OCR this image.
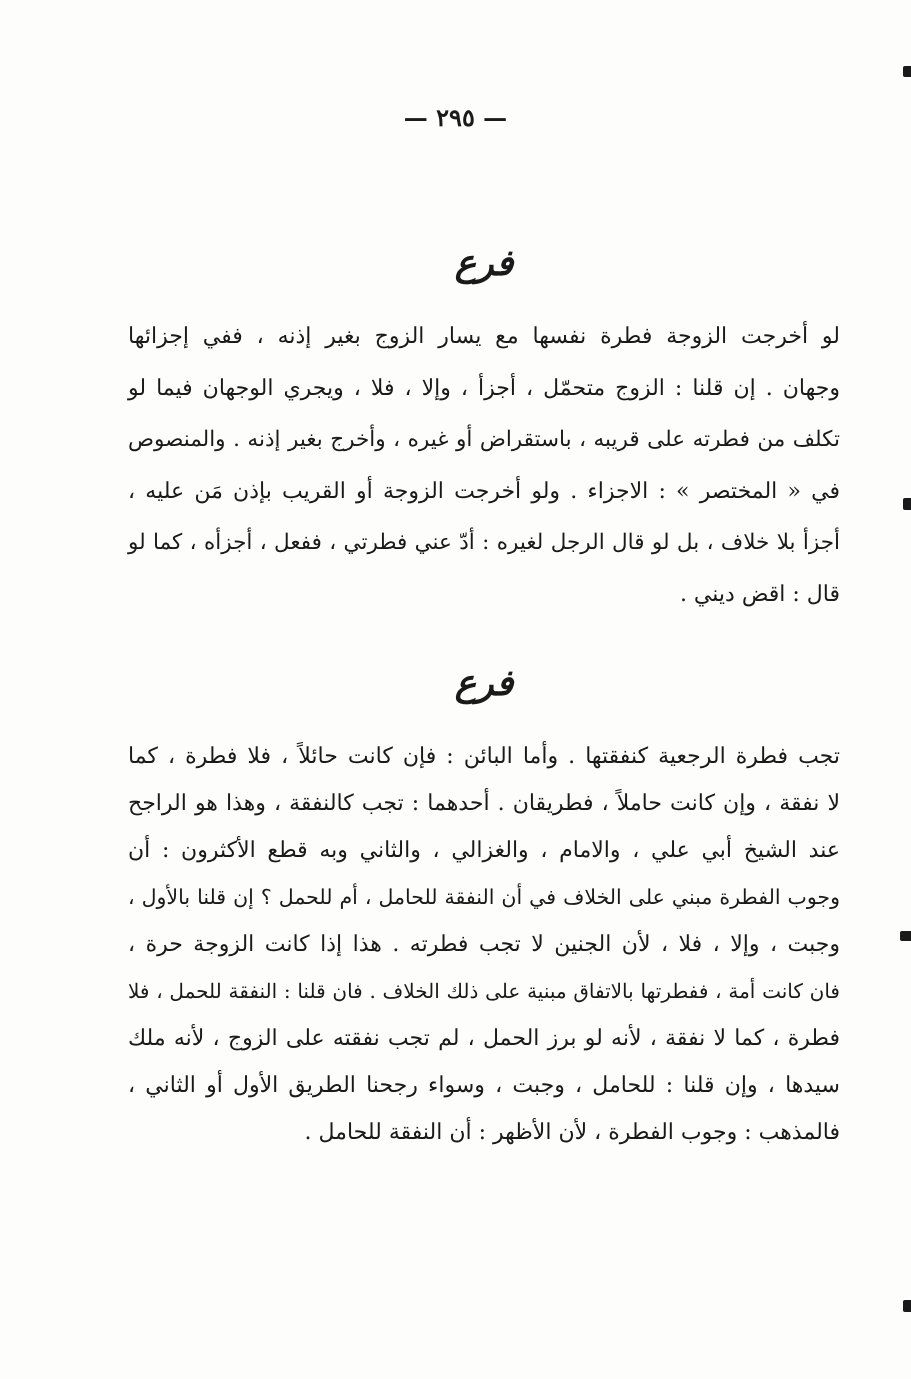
— ٢٩٥ —
فرع
لو أخرجت الزوجة فطرة نفسها مع يسار الزوج بغير إذنه ، ففي إجزائها
وجهان . إن قلنا : الزوج متحمّل ، أجزأ ، وإلا ، فلا ، ويجري الوجهان فيما لو
تكلف من فطرته على قريبه ، باستقراض أو غيره ، وأخرج بغير إذنه . والمنصوص
في « المختصر » : الاجزاء . ولو أخرجت الزوجة أو القريب بإذن مَن عليه ،
أجزأ بلا خلاف ، بل لو قال الرجل لغيره : أدّ عني فطرتي ، ففعل ، أجزأه ، كما لو
قال : اقض ديني .
فرع
تجب فطرة الرجعية كنفقتها . وأما البائن : فإن كانت حائلاً ، فلا فطرة ، كما
لا نفقة ، وإن كانت حاملاً ، فطريقان . أحدهما : تجب كالنفقة ، وهذا هو الراجح
عند الشيخ أبي علي ، والامام ، والغزالي ، والثاني وبه قطع الأكثرون : أن
وجوب الفطرة مبني على الخلاف في أن النفقة للحامل ، أم للحمل ؟ إن قلنا بالأول ،
وجبت ، وإلا ، فلا ، لأن الجنين لا تجب فطرته . هذا إذا كانت الزوجة حرة ،
فان كانت أمة ، ففطرتها بالاتفاق مبنية على ذلك الخلاف . فان قلنا : النفقة للحمل ، فلا
فطرة ، كما لا نفقة ، لأنه لو برز الحمل ، لم تجب نفقته على الزوج ، لأنه ملك
سيدها ، وإن قلنا : للحامل ، وجبت ، وسواء رجحنا الطريق الأول أو الثاني ،
فالمذهب : وجوب الفطرة ، لأن الأظهر : أن النفقة للحامل .
